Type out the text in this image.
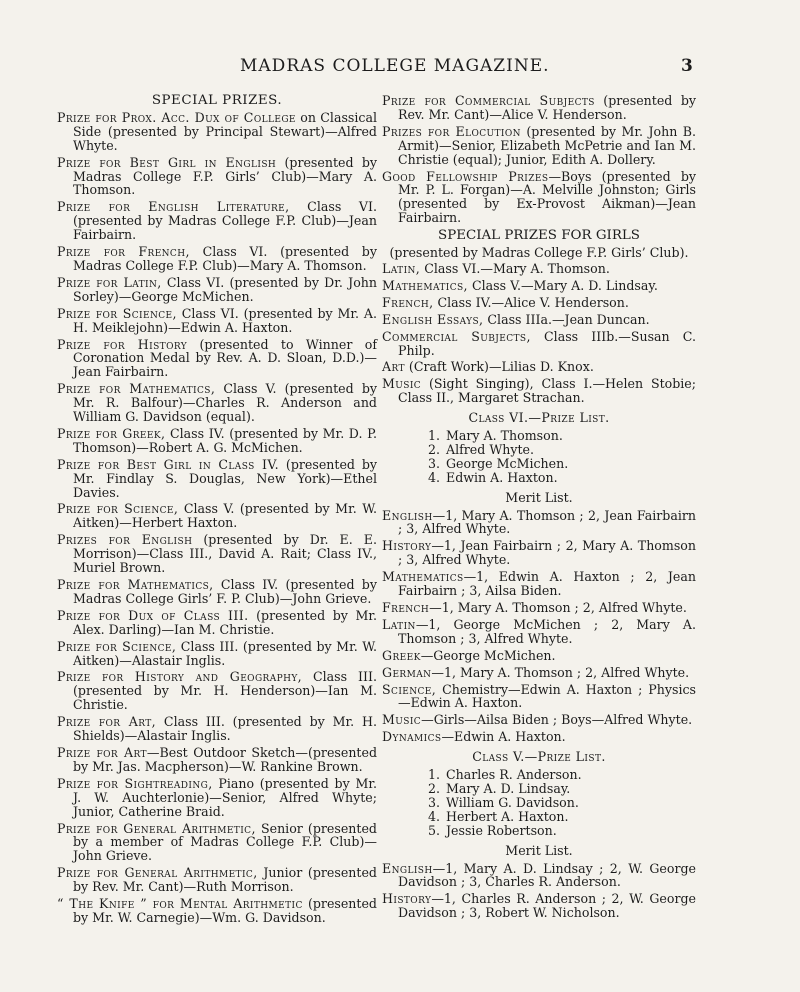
MADRAS COLLEGE MAGAZINE.	3
SPECIAL PRIZES.
Prize for Prox. Acc. Dux of College on Classical Side (presented by Principal Stewart)—Alfred Whyte.
Prize for Best Girl in English (presented by Madras College F.P. Girls’ Club)—Mary A. Thomson.
Prize for English Literature, Class VI. (presented by Madras College F.P. Club)—Jean Fairbairn.
Prize for French, Class VI. (presented by Madras College F.P. Club)—Mary A. Thomson.
Prize for Latin, Class VI. (presented by Dr. John Sorley)—George McMichen.
Prize for Science, Class VI. (presented by Mr. A. H. Meiklejohn)—Edwin A. Haxton.
Prize for History (presented to Winner of Coronation Medal by Rev. A. D. Sloan, D.D.)—Jean Fairbairn.
Prize for Mathematics, Class V. (presented by Mr. R. Balfour)—Charles R. Anderson and William G. Davidson (equal).
Prize for Greek, Class IV. (presented by Mr. D. P. Thomson)—Robert A. G. McMichen.
Prize for Best Girl in Class IV. (presented by Mr. Findlay S. Douglas, New York)—Ethel Davies.
Prize for Science, Class V. (presented by Mr. W. Aitken)—Herbert Haxton.
Prizes for English (presented by Dr. E. E. Morrison)—Class III., David A. Rait; Class IV., Muriel Brown.
Prize for Mathematics, Class IV. (presented by Madras College Girls’ F. P. Club)—John Grieve.
Prize for Dux of Class III. (presented by Mr. Alex. Darling)—Ian M. Christie.
Prize for Science, Class III. (presented by Mr. W. Aitken)—Alastair Inglis.
Prize for History and Geography, Class III. (presented by Mr. H. Henderson)—Ian M. Christie.
Prize for Art, Class III. (presented by Mr. H. Shields)—Alastair Inglis.
Prize for Art—Best Outdoor Sketch—(presented by Mr. Jas. Macpherson)—W. Rankine Brown.
Prize for Sightreading, Piano (presented by Mr. J. W. Auchterlonie)—Senior, Alfred Whyte; Junior, Catherine Braid.
Prize for General Arithmetic, Senior (presented by a member of Madras College F.P. Club)—John Grieve.
Prize for General Arithmetic, Junior (presented by Rev. Mr. Cant)—Ruth Morrison.
“ The Knife ” for Mental Arithmetic (presented by Mr. W. Carnegie)—Wm. G. Davidson.
Prize for Commercial Subjects (presented by Rev. Mr. Cant)—Alice V. Henderson.
Prizes for Elocution (presented by Mr. John B. Armit)—Senior, Elizabeth McPetrie and Ian M. Christie (equal); Junior, Edith A. Dollery.
Good Fellowship Prizes—Boys (presented by Mr. P. L. Forgan)—A. Melville Johnston; Girls (presented by Ex-Provost Aikman)—Jean Fairbairn.
SPECIAL PRIZES FOR GIRLS
(presented by Madras College F.P. Girls’ Club).
Latin, Class VI.—Mary A. Thomson.
Mathematics, Class V.—Mary A. D. Lindsay.
French, Class IV.—Alice V. Henderson.
English Essays, Class IIIa.—Jean Duncan.
Commercial Subjects, Class IIIb.—Susan C. Philp.
Art (Craft Work)—Lilias D. Knox.
Music (Sight Singing), Class I.—Helen Stobie; Class II., Margaret Strachan.
Class VI.—Prize List.
1. Mary A. Thomson.
2. Alfred Whyte.
3. George McMichen.
4. Edwin A. Haxton.
Merit List.
English—1, Mary A. Thomson ; 2, Jean Fairbairn ; 3, Alfred Whyte.
History—1, Jean Fairbairn ; 2, Mary A. Thomson ; 3, Alfred Whyte.
Mathematics—1, Edwin A. Haxton ; 2, Jean Fairbairn ; 3, Ailsa Biden.
French—1, Mary A. Thomson ; 2, Alfred Whyte.
Latin—1, George McMichen ; 2, Mary A. Thomson ; 3, Alfred Whyte.
Greek—George McMichen.
German—1, Mary A. Thomson ; 2, Alfred Whyte.
Science, Chemistry—Edwin A. Haxton ; Physics—Edwin A. Haxton.
Music—Girls—Ailsa Biden ; Boys—Alfred Whyte.
Dynamics—Edwin A. Haxton.
Class V.—Prize List.
1. Charles R. Anderson.
2. Mary A. D. Lindsay.
3. William G. Davidson.
4. Herbert A. Haxton.
5. Jessie Robertson.
Merit List.
English—1, Mary A. D. Lindsay ; 2, W. George Davidson ; 3, Charles R. Anderson.
History—1, Charles R. Anderson ; 2, W. George Davidson ; 3, Robert W. Nicholson.
